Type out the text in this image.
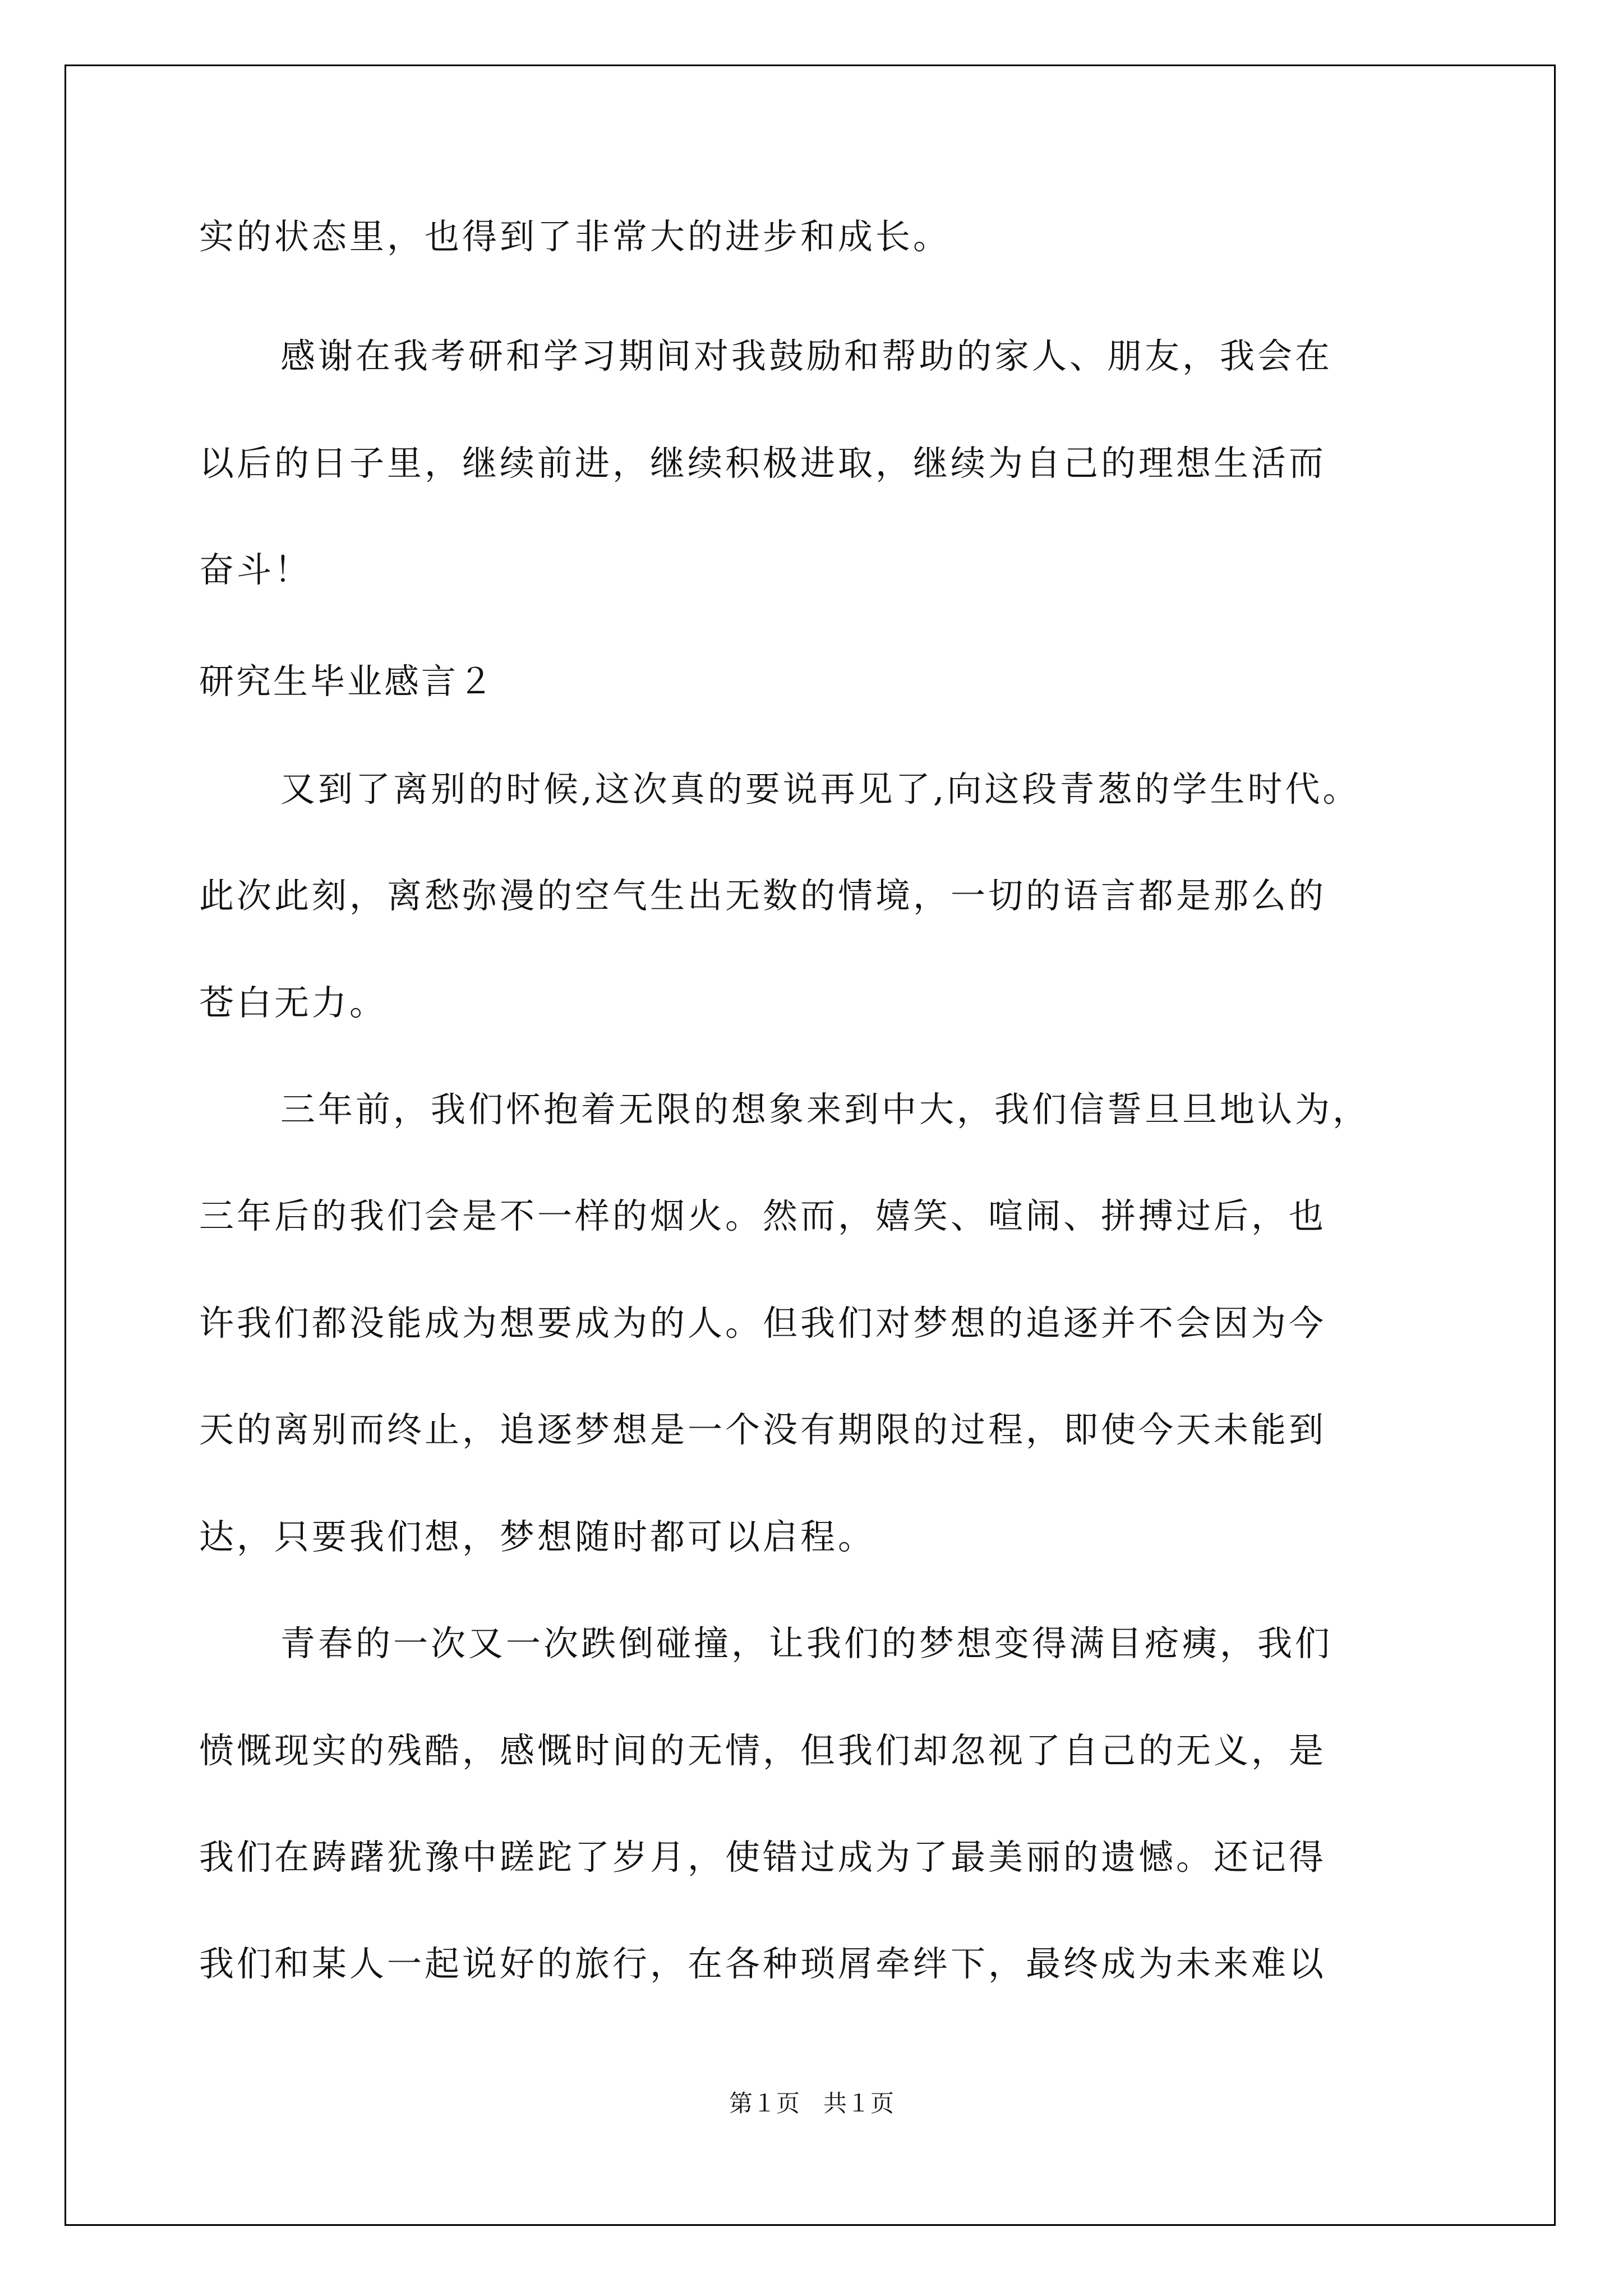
实的状态里，也得到了非常大的进步和成长。
感谢在我考研和学习期间对我鼓励和帮助的家人、朋友，我会在
以后的日子里，继续前进，继续积极进取，继续为自己的理想生活而
奋斗！
研究生毕业感言２
又到了离别的时候,这次真的要说再见了,向这段青葱的学生时代。
此次此刻，离愁弥漫的空气生出无数的情境，一切的语言都是那么的
苍白无力。
三年前，我们怀抱着无限的想象来到中大，我们信誓旦旦地认为，
三年后的我们会是不一样的烟火。然而，嬉笑、喧闹、拼搏过后，也
许我们都没能成为想要成为的人。但我们对梦想的追逐并不会因为今
天的离别而终止，追逐梦想是一个没有期限的过程，即使今天未能到
达，只要我们想，梦想随时都可以启程。
青春的一次又一次跌倒碰撞，让我们的梦想变得满目疮痍，我们
愤慨现实的残酷，感慨时间的无情，但我们却忽视了自己的无义，是
我们在踌躇犹豫中蹉跎了岁月，使错过成为了最美丽的遗憾。还记得
我们和某人一起说好的旅行，在各种琐屑牵绊下，最终成为未来难以
第１页　共１页
